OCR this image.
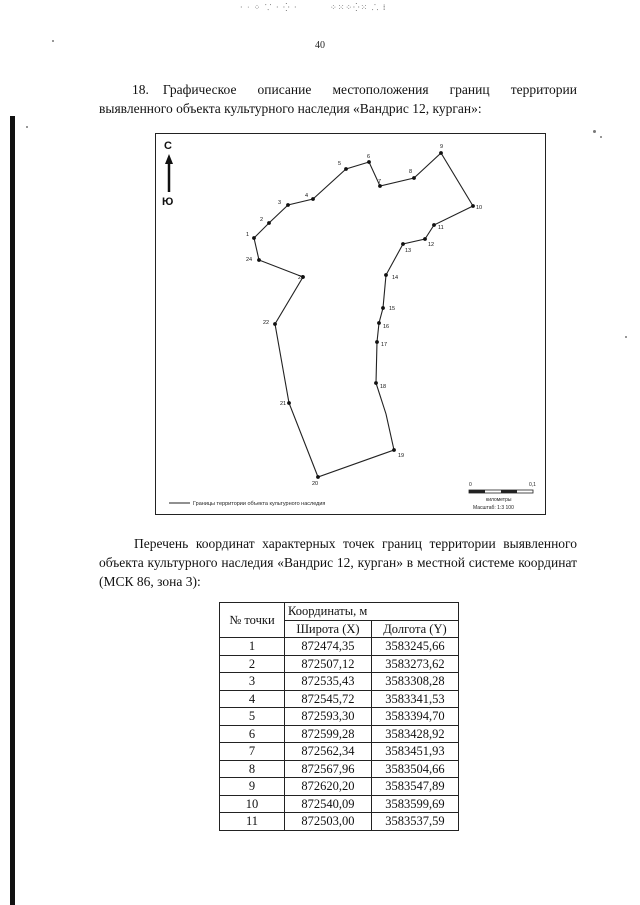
· ᐧ ⁘ ⸪ · ⁛ ·	⁘⁙⁘⁛⁙ ⸫ ⁞
40

18. Графическое описание местоположения границ территории выявленного объекта культурного наследия «Вандрис 12, курган»:

1
2
3
4
5
6
7
8
9
10
11
12
13
14
15
16
17
18
19
20
21
22
23
24
С
Ю
Границы территории объекта культурного наследия
0	0,1
километры
Масштаб: 1:3 100

Перечень координат характерных точек границ территории выявленного объекта культурного наследия «Вандрис 12, курган» в местной системе координат (МСК 86, зона 3):

№ точки	Координаты, м	
	Широта (X)	Долгота (Y)
1	872474,35	3583245,66
2	872507,12	3583273,62
3	872535,43	3583308,28
4	872545,72	3583341,53
5	872593,30	3583394,70
6	872599,28	3583428,92
7	872562,34	3583451,93
8	872567,96	3583504,66
9	872620,20	3583547,89
10	872540,09	3583599,69
11	872503,00	3583537,59
